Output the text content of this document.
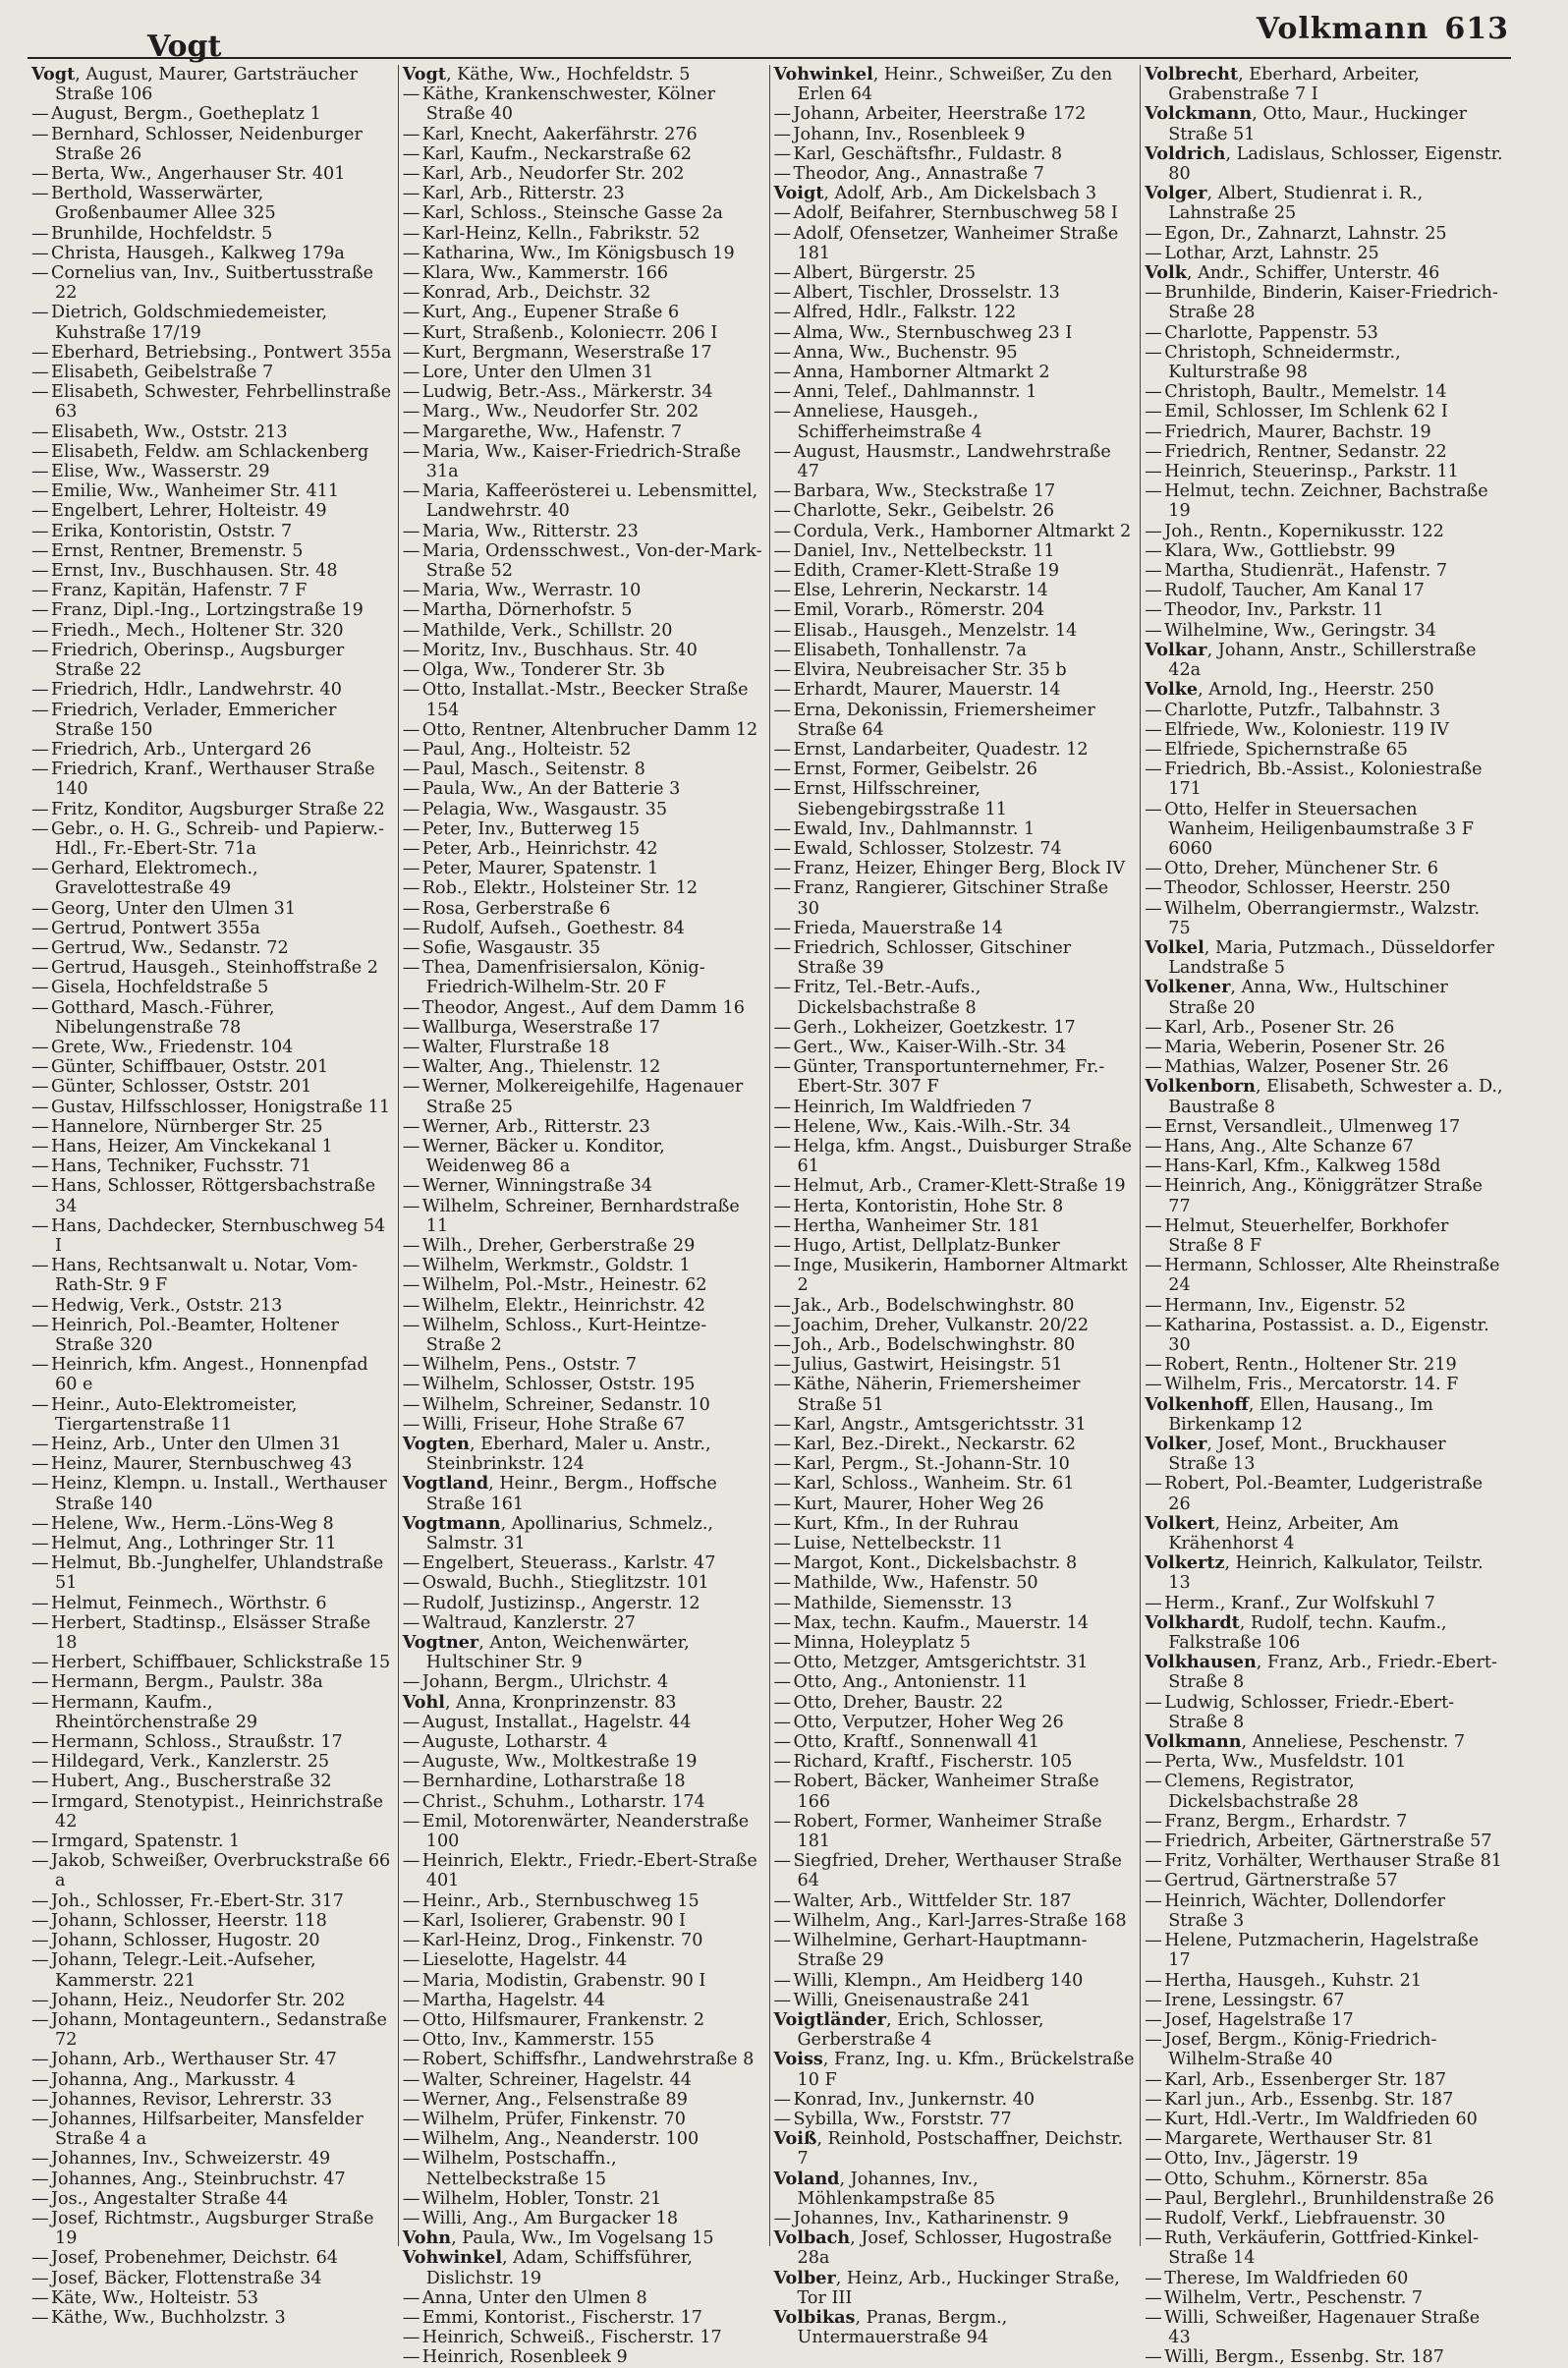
Vogt
Volkmann 613

Vogt, August, Maurer, Gartsträucher Straße 106

— August, Bergm., Goetheplatz 1

— Bernhard, Schlosser, Neidenburger Straße 26

— Berta, Ww., Angerhauser Str. 401

— Berthold, Wasserwärter, Großenbaumer Allee 325

— Brunhilde, Hochfeldstr. 5

— Christa, Hausgeh., Kalkweg 179a

— Cornelius van, Inv., Suitbertusstraße 22

— Dietrich, Goldschmiedemeister, Kuhstraße 17/19

— Eberhard, Betriebsing., Pontwert 355a

— Elisabeth, Geibelstraße 7

— Elisabeth, Schwester, Fehrbellinstraße 63

— Elisabeth, Ww., Oststr. 213

— Elisabeth, Feldw. am Schlackenberg

— Elise, Ww., Wasserstr. 29

— Emilie, Ww., Wanheimer Str. 411

— Engelbert, Lehrer, Holteistr. 49

— Erika, Kontoristin, Oststr. 7

— Ernst, Rentner, Bremenstr. 5

— Ernst, Inv., Buschhausen. Str. 48

— Franz, Kapitän, Hafenstr. 7 F

— Franz, Dipl.-Ing., Lortzingstraße 19

— Friedh., Mech., Holtener Str. 320

— Friedrich, Oberinsp., Augsburger Straße 22

— Friedrich, Hdlr., Landwehrstr. 40

— Friedrich, Verlader, Emmericher Straße 150

— Friedrich, Arb., Untergard 26

— Friedrich, Kranf., Werthauser Straße 140

— Fritz, Konditor, Augsburger Straße 22

— Gebr., o. H. G., Schreib- und Papierw.-Hdl., Fr.-Ebert-Str. 71a

— Gerhard, Elektromech., Gravelottestraße 49

— Georg, Unter den Ulmen 31

— Gertrud, Pontwert 355a

— Gertrud, Ww., Sedanstr. 72

— Gertrud, Hausgeh., Steinhoffstraße 2

— Gisela, Hochfeldstraße 5

— Gotthard, Masch.-Führer, Nibelungenstraße 78

— Grete, Ww., Friedenstr. 104

— Günter, Schiffbauer, Oststr. 201

— Günter, Schlosser, Oststr. 201

— Gustav, Hilfsschlosser, Honigstraße 11

— Hannelore, Nürnberger Str. 25

— Hans, Heizer, Am Vinckekanal 1

— Hans, Techniker, Fuchsstr. 71

— Hans, Schlosser, Röttgersbachstraße 34

— Hans, Dachdecker, Sternbuschweg 54 I

— Hans, Rechtsanwalt u. Notar, Vom-Rath-Str. 9 F

— Hedwig, Verk., Oststr. 213

— Heinrich, Pol.-Beamter, Holtener Straße 320

— Heinrich, kfm. Angest., Honnenpfad 60 e

— Heinr., Auto-Elektromeister, Tiergartenstraße 11

— Heinz, Arb., Unter den Ulmen 31

— Heinz, Maurer, Sternbuschweg 43

— Heinz, Klempn. u. Install., Werthauser Straße 140

— Helene, Ww., Herm.-Löns-Weg 8

— Helmut, Ang., Lothringer Str. 11

— Helmut, Bb.-Junghelfer, Uhlandstraße 51

— Helmut, Feinmech., Wörthstr. 6

— Herbert, Stadtinsp., Elsässer Straße 18

— Herbert, Schiffbauer, Schlickstraße 15

— Hermann, Bergm., Paulstr. 38a

— Hermann, Kaufm., Rheintörchenstraße 29

— Hermann, Schloss., Straußstr. 17

— Hildegard, Verk., Kanzlerstr. 25

— Hubert, Ang., Buscherstraße 32

— Irmgard, Stenotypist., Heinrichstraße 42

— Irmgard, Spatenstr. 1

— Jakob, Schweißer, Overbruckstraße 66 a

— Joh., Schlosser, Fr.-Ebert-Str. 317

— Johann, Schlosser, Heerstr. 118

— Johann, Schlosser, Hugostr. 20

— Johann, Telegr.-Leit.-Aufseher, Kammerstr. 221

— Johann, Heiz., Neudorfer Str. 202

— Johann, Montageuntern., Sedanstraße 72

— Johann, Arb., Werthauser Str. 47

— Johanna, Ang., Markusstr. 4

— Johannes, Revisor, Lehrerstr. 33

— Johannes, Hilfsarbeiter, Mansfelder Straße 4 a

— Johannes, Inv., Schweizerstr. 49

— Johannes, Ang., Steinbruchstr. 47

— Jos., Angestalter Straße 44

— Josef, Richtmstr., Augsburger Straße 19

— Josef, Probenehmer, Deichstr. 64

— Josef, Bäcker, Flottenstraße 34

— Käte, Ww., Holteistr. 53

— Käthe, Ww., Buchholzstr. 3

Vogt, Käthe, Ww., Hochfeldstr. 5

— Käthe, Krankenschwester, Kölner Straße 40

— Karl, Knecht, Aakerfährstr. 276

— Karl, Kaufm., Neckarstraße 62

— Karl, Arb., Neudorfer Str. 202

— Karl, Arb., Ritterstr. 23

— Karl, Schloss., Steinsche Gasse 2a

— Karl-Heinz, Kelln., Fabrikstr. 52

— Katharina, Ww., Im Königsbusch 19

— Klara, Ww., Kammerstr. 166

— Konrad, Arb., Deichstr. 32

— Kurt, Ang., Eupener Straße 6

— Kurt, Straßenb., Kolonieстr. 206 I

— Kurt, Bergmann, Weserstraße 17

— Lore, Unter den Ulmen 31

— Ludwig, Betr.-Ass., Märkerstr. 34

— Marg., Ww., Neudorfer Str. 202

— Margarethe, Ww., Hafenstr. 7

— Maria, Ww., Kaiser-Friedrich-Straße 31a

— Maria, Kaffeerösterei u. Lebensmittel, Landwehrstr. 40

— Maria, Ww., Ritterstr. 23

— Maria, Ordensschwest., Von-der-Mark-Straße 52

— Maria, Ww., Werrastr. 10

— Martha, Dörnerhofstr. 5

— Mathilde, Verk., Schillstr. 20

— Moritz, Inv., Buschhaus. Str. 40

— Olga, Ww., Tonderer Str. 3b

— Otto, Installat.-Mstr., Beecker Straße 154

— Otto, Rentner, Altenbrucher Damm 12

— Paul, Ang., Holteistr. 52

— Paul, Masch., Seitenstr. 8

— Paula, Ww., An der Batterie 3

— Pelagia, Ww., Wasgaustr. 35

— Peter, Inv., Butterweg 15

— Peter, Arb., Heinrichstr. 42

— Peter, Maurer, Spatenstr. 1

— Rob., Elektr., Holsteiner Str. 12

— Rosa, Gerberstraße 6

— Rudolf, Aufseh., Goethestr. 84

— Sofie, Wasgaustr. 35

— Thea, Damenfrisiersalon, König-Friedrich-Wilhelm-Str. 20 F

— Theodor, Angest., Auf dem Damm 16

— Wallburga, Weserstraße 17

— Walter, Flurstraße 18

— Walter, Ang., Thielenstr. 12

— Werner, Molkereigehilfe, Hagenauer Straße 25

— Werner, Arb., Ritterstr. 23

— Werner, Bäcker u. Konditor, Weidenweg 86 a

— Werner, Winningstraße 34

— Wilhelm, Schreiner, Bernhardstraße 11

— Wilh., Dreher, Gerberstraße 29

— Wilhelm, Werkmstr., Goldstr. 1

— Wilhelm, Pol.-Mstr., Heinestr. 62

— Wilhelm, Elektr., Heinrichstr. 42

— Wilhelm, Schloss., Kurt-Heintze-Straße 2

— Wilhelm, Pens., Oststr. 7

— Wilhelm, Schlosser, Oststr. 195

— Wilhelm, Schreiner, Sedanstr. 10

— Willi, Friseur, Hohe Straße 67

Vogten, Eberhard, Maler u. Anstr., Steinbrinkstr. 124

Vogtland, Heinr., Bergm., Hoffsche Straße 161

Vogtmann, Apollinarius, Schmelz., Salmstr. 31

— Engelbert, Steuerass., Karlstr. 47

— Oswald, Buchh., Stieglitzstr. 101

— Rudolf, Justizinsp., Angerstr. 12

— Waltraud, Kanzlerstr. 27

Vogtner, Anton, Weichenwärter, Hultschiner Str. 9

— Johann, Bergm., Ulrichstr. 4

Vohl, Anna, Kronprinzenstr. 83

— August, Installat., Hagelstr. 44

— Auguste, Lotharstr. 4

— Auguste, Ww., Moltkestraße 19

— Bernhardine, Lotharstraße 18

— Christ., Schuhm., Lotharstr. 174

— Emil, Motorenwärter, Neanderstraße 100

— Heinrich, Elektr., Friedr.-Ebert-Straße 401

— Heinr., Arb., Sternbuschweg 15

— Karl, Isolierer, Grabenstr. 90 I

— Karl-Heinz, Drog., Finkenstr. 70

— Lieselotte, Hagelstr. 44

— Maria, Modistin, Grabenstr. 90 I

— Martha, Hagelstr. 44

— Otto, Hilfsmaurer, Frankenstr. 2

— Otto, Inv., Kammerstr. 155

— Robert, Schiffsfhr., Landwehrstraße 8

— Walter, Schreiner, Hagelstr. 44

— Werner, Ang., Felsenstraße 89

— Wilhelm, Prüfer, Finkenstr. 70

— Wilhelm, Ang., Neanderstr. 100

— Wilhelm, Postschaffn., Nettelbeckstraße 15

— Wilhelm, Hobler, Tonstr. 21

— Willi, Ang., Am Burgacker 18

Vohn, Paula, Ww., Im Vogelsang 15

Vohwinkel, Adam, Schiffsführer, Dislichstr. 19

— Anna, Unter den Ulmen 8

— Emmi, Kontorist., Fischerstr. 17

— Heinrich, Schweiß., Fischerstr. 17

— Heinrich, Rosenbleek 9

Vohwinkel, Heinr., Schweißer, Zu den Erlen 64

— Johann, Arbeiter, Heerstraße 172

— Johann, Inv., Rosenbleek 9

— Karl, Geschäftsfhr., Fuldastr. 8

— Theodor, Ang., Annastraße 7

Voigt, Adolf, Arb., Am Dickelsbach 3

— Adolf, Beifahrer, Sternbuschweg 58 I

— Adolf, Ofensetzer, Wanheimer Straße 181

— Albert, Bürgerstr. 25

— Albert, Tischler, Drosselstr. 13

— Alfred, Hdlr., Falkstr. 122

— Alma, Ww., Sternbuschweg 23 I

— Anna, Ww., Buchenstr. 95

— Anna, Hamborner Altmarkt 2

— Anni, Telef., Dahlmannstr. 1

— Anneliese, Hausgeh., Schifferheimstraße 4

— August, Hausmstr., Landwehrstraße 47

— Barbara, Ww., Steckstraße 17

— Charlotte, Sekr., Geibelstr. 26

— Cordula, Verk., Hamborner Altmarkt 2

— Daniel, Inv., Nettelbeckstr. 11

— Edith, Cramer-Klett-Straße 19

— Else, Lehrerin, Neckarstr. 14

— Emil, Vorarb., Römerstr. 204

— Elisab., Hausgeh., Menzelstr. 14

— Elisabeth, Tonhallenstr. 7a

— Elvira, Neubreisacher Str. 35 b

— Erhardt, Maurer, Mauerstr. 14

— Erna, Dekonissin, Friemersheimer Straße 64

— Ernst, Landarbeiter, Quadestr. 12

— Ernst, Former, Geibelstr. 26

— Ernst, Hilfsschreiner, Siebengebirgsstraße 11

— Ewald, Inv., Dahlmannstr. 1

— Ewald, Schlosser, Stolzestr. 74

— Franz, Heizer, Ehinger Berg, Block IV

— Franz, Rangierer, Gitschiner Straße 30

— Frieda, Mauerstraße 14

— Friedrich, Schlosser, Gitschiner Straße 39

— Fritz, Tel.-Betr.-Aufs., Dickelsbachstraße 8

— Gerh., Lokheizer, Goetzkestr. 17

— Gert., Ww., Kaiser-Wilh.-Str. 34

— Günter, Transportunternehmer, Fr.-Ebert-Str. 307 F

— Heinrich, Im Waldfrieden 7

— Helene, Ww., Kais.-Wilh.-Str. 34

— Helga, kfm. Angst., Duisburger Straße 61

— Helmut, Arb., Cramer-Klett-Straße 19

— Herta, Kontoristin, Hohe Str. 8

— Hertha, Wanheimer Str. 181

— Hugo, Artist, Dellplatz-Bunker

— Inge, Musikerin, Hamborner Altmarkt 2

— Jak., Arb., Bodelschwinghstr. 80

— Joachim, Dreher, Vulkanstr. 20/22

— Joh., Arb., Bodelschwinghstr. 80

— Julius, Gastwirt, Heisingstr. 51

— Käthe, Näherin, Friemersheimer Straße 51

— Karl, Angstr., Amtsgerichtsstr. 31

— Karl, Bez.-Direkt., Neckarstr. 62

— Karl, Pergm., St.-Johann-Str. 10

— Karl, Schloss., Wanheim. Str. 61

— Kurt, Maurer, Hoher Weg 26

— Kurt, Kfm., In der Ruhrau

— Luise, Nettelbeckstr. 11

— Margot, Kont., Dickelsbachstr. 8

— Mathilde, Ww., Hafenstr. 50

— Mathilde, Siemensstr. 13

— Max, techn. Kaufm., Mauerstr. 14

— Minna, Holeyplatz 5

— Otto, Metzger, Amtsgerichtstr. 31

— Otto, Ang., Antonienstr. 11

— Otto, Dreher, Baustr. 22

— Otto, Verputzer, Hoher Weg 26

— Otto, Kraftf., Sonnenwall 41

— Richard, Kraftf., Fischerstr. 105

— Robert, Bäcker, Wanheimer Straße 166

— Robert, Former, Wanheimer Straße 181

— Siegfried, Dreher, Werthauser Straße 64

— Walter, Arb., Wittfelder Str. 187

— Wilhelm, Ang., Karl-Jarres-Straße 168

— Wilhelmine, Gerhart-Hauptmann-Straße 29

— Willi, Klempn., Am Heidberg 140

— Willi, Gneisenaustraße 241

Voigtländer, Erich, Schlosser, Gerberstraße 4

Voiss, Franz, Ing. u. Kfm., Brückelstraße 10 F

— Konrad, Inv., Junkernstr. 40

— Sybilla, Ww., Forststr. 77

Voiß, Reinhold, Postschaffner, Deichstr. 7

Voland, Johannes, Inv., Möhlenkampstraße 85

— Johannes, Inv., Katharinenstr. 9

Volbach, Josef, Schlosser, Hugostraße 28a

Volber, Heinz, Arb., Huckinger Straße, Tor III

Volbikas, Pranas, Bergm., Untermauerstraße 94

Volbrecht, Eberhard, Arbeiter, Grabenstraße 7 I

Volckmann, Otto, Maur., Huckinger Straße 51

Voldrich, Ladislaus, Schlosser, Eigenstr. 80

Volger, Albert, Studienrat i. R., Lahnstraße 25

— Egon, Dr., Zahnarzt, Lahnstr. 25

— Lothar, Arzt, Lahnstr. 25

Volk, Andr., Schiffer, Unterstr. 46

— Brunhilde, Binderin, Kaiser-Friedrich-Straße 28

— Charlotte, Pappenstr. 53

— Christoph, Schneidermstr., Kulturstraße 98

— Christoph, Baultr., Memelstr. 14

— Emil, Schlosser, Im Schlenk 62 I

— Friedrich, Maurer, Bachstr. 19

— Friedrich, Rentner, Sedanstr. 22

— Heinrich, Steuerinsp., Parkstr. 11

— Helmut, techn. Zeichner, Bachstraße 19

— Joh., Rentn., Kopernikusstr. 122

— Klara, Ww., Gottliebstr. 99

— Martha, Studienrät., Hafenstr. 7

— Rudolf, Taucher, Am Kanal 17

— Theodor, Inv., Parkstr. 11

— Wilhelmine, Ww., Geringstr. 34

Volkar, Johann, Anstr., Schillerstraße 42a

Volke, Arnold, Ing., Heerstr. 250

— Charlotte, Putzfr., Talbahnstr. 3

— Elfriede, Ww., Koloniestr. 119 IV

— Elfriede, Spichernstraße 65

— Friedrich, Bb.-Assist., Koloniestraße 171

— Otto, Helfer in Steuersachen Wanheim, Heiligenbaumstraße 3 F 6060

— Otto, Dreher, Münchener Str. 6

— Theodor, Schlosser, Heerstr. 250

— Wilhelm, Oberrangiermstr., Walzstr. 75

Volkel, Maria, Putzmach., Düsseldorfer Landstraße 5

Volkener, Anna, Ww., Hultschiner Straße 20

— Karl, Arb., Posener Str. 26

— Maria, Weberin, Posener Str. 26

— Mathias, Walzer, Posener Str. 26

Volkenborn, Elisabeth, Schwester a. D., Baustraße 8

— Ernst, Versandleit., Ulmenweg 17

— Hans, Ang., Alte Schanze 67

— Hans-Karl, Kfm., Kalkweg 158d

— Heinrich, Ang., Königgrätzer Straße 77

— Helmut, Steuerhelfer, Borkhofer Straße 8 F

— Hermann, Schlosser, Alte Rheinstraße 24

— Hermann, Inv., Eigenstr. 52

— Katharina, Postassist. a. D., Eigenstr. 30

— Robert, Rentn., Holtener Str. 219

— Wilhelm, Fris., Mercatorstr. 14. F

Volkenhoff, Ellen, Hausang., Im Birkenkamp 12

Volker, Josef, Mont., Bruckhauser Straße 13

— Robert, Pol.-Beamter, Ludgeristraße 26

Volkert, Heinz, Arbeiter, Am Krähenhorst 4

Volkertz, Heinrich, Kalkulator, Teilstr. 13

— Herm., Kranf., Zur Wolfskuhl 7

Volkhardt, Rudolf, techn. Kaufm., Falkstraße 106

Volkhausen, Franz, Arb., Friedr.-Ebert-Straße 8

— Ludwig, Schlosser, Friedr.-Ebert-Straße 8

Volkmann, Anneliese, Peschenstr. 7

— Perta, Ww., Musfeldstr. 101

— Clemens, Registrator, Dickelsbachstraße 28

— Franz, Bergm., Erhardstr. 7

— Friedrich, Arbeiter, Gärtnerstraße 57

— Fritz, Vorhälter, Werthauser Straße 81

— Gertrud, Gärtnerstraße 57

— Heinrich, Wächter, Dollendorfer Straße 3

— Helene, Putzmacherin, Hagelstraße 17

— Hertha, Hausgeh., Kuhstr. 21

— Irene, Lessingstr. 67

— Josef, Hagelstraße 17

— Josef, Bergm., König-Friedrich-Wilhelm-Straße 40

— Karl, Arb., Essenberger Str. 187

— Karl jun., Arb., Essenbg. Str. 187

— Kurt, Hdl.-Vertr., Im Waldfrieden 60

— Margarete, Werthauser Str. 81

— Otto, Inv., Jägerstr. 19

— Otto, Schuhm., Körnerstr. 85a

— Paul, Berglehrl., Brunhildenstraße 26

— Rudolf, Verkf., Liebfrauenstr. 30

— Ruth, Verkäuferin, Gottfried-Kinkel-Straße 14

— Therese, Im Waldfrieden 60

— Wilhelm, Vertr., Peschenstr. 7

— Willi, Schweißer, Hagenauer Straße 43

— Willi, Bergm., Essenbg. Str. 187
